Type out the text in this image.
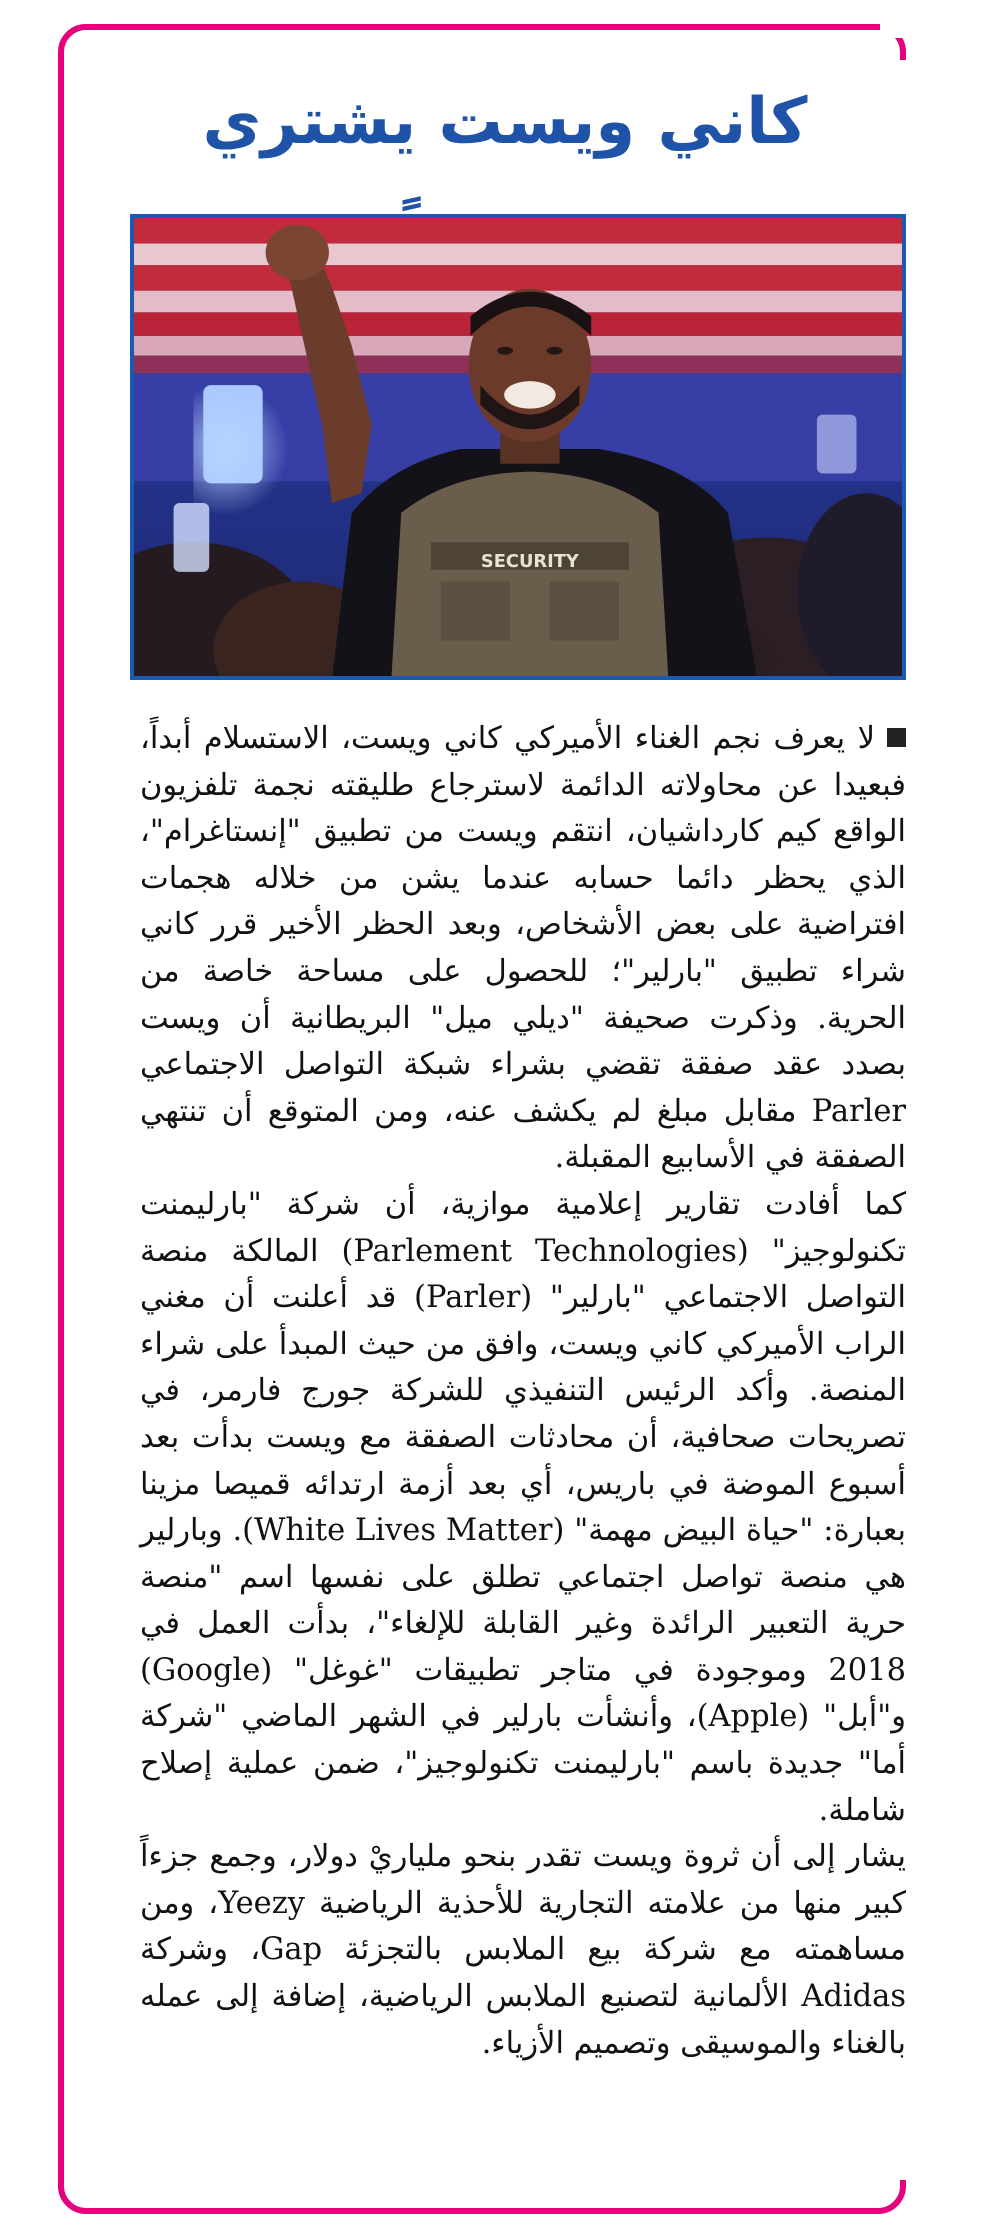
كاني ويست يشتري
SECURITY

لا يعرف نجم الغناء الأميركي كاني ويست، الاستسلام أبداً، فبعيدا عن محاولاته الدائمة لاسترجاع طليقته نجمة تلفزيون الواقع كيم كارداشيان، انتقم ويست من تطبيق "إنستاغرام"، الذي يحظر دائما حسابه عندما يشن من خلاله هجمات افتراضية على بعض الأشخاص، وبعد الحظر الأخير قرر كاني شراء تطبيق "بارلير"؛ للحصول على مساحة خاصة من الحرية. وذكرت صحيفة "ديلي ميل" البريطانية أن ويست بصدد عقد صفقة تقضي بشراء شبكة التواصل الاجتماعي Parler مقابل مبلغ لم يكشف عنه، ومن المتوقع أن تنتهي الصفقة في الأسابيع المقبلة.

كما أفادت تقارير إعلامية موازية، أن شركة "بارليمنت تكنولوجيز" (Parlement Technologies) المالكة منصة التواصل الاجتماعي "بارلير" (Parler) قد أعلنت أن مغني الراب الأميركي كاني ويست، وافق من حيث المبدأ على شراء المنصة. وأكد الرئيس التنفيذي للشركة جورج فارمر، في تصريحات صحافية، أن محادثات الصفقة مع ويست بدأت بعد أسبوع الموضة في باريس، أي بعد أزمة ارتدائه قميصا مزينا بعبارة: "حياة البيض مهمة" (White Lives Matter). وبارلير هي منصة تواصل اجتماعي تطلق على نفسها اسم "منصة حرية التعبير الرائدة وغير القابلة للإلغاء"، بدأت العمل في 2018 وموجودة في متاجر تطبيقات "غوغل" (Google) و"أبل" (Apple)، وأنشأت بارلير في الشهر الماضي "شركة أما" جديدة باسم "بارليمنت تكنولوجيز"، ضمن عملية إصلاح شاملة.

يشار إلى أن ثروة ويست تقدر بنحو ملياريْ دولار، وجمع جزءاً كبير منها من علامته التجارية للأحذية الرياضية Yeezy، ومن مساهمته مع شركة بيع الملابس بالتجزئة Gap، وشركة Adidas الألمانية لتصنيع الملابس الرياضية، إضافة إلى عمله بالغناء والموسيقى وتصميم الأزياء.
